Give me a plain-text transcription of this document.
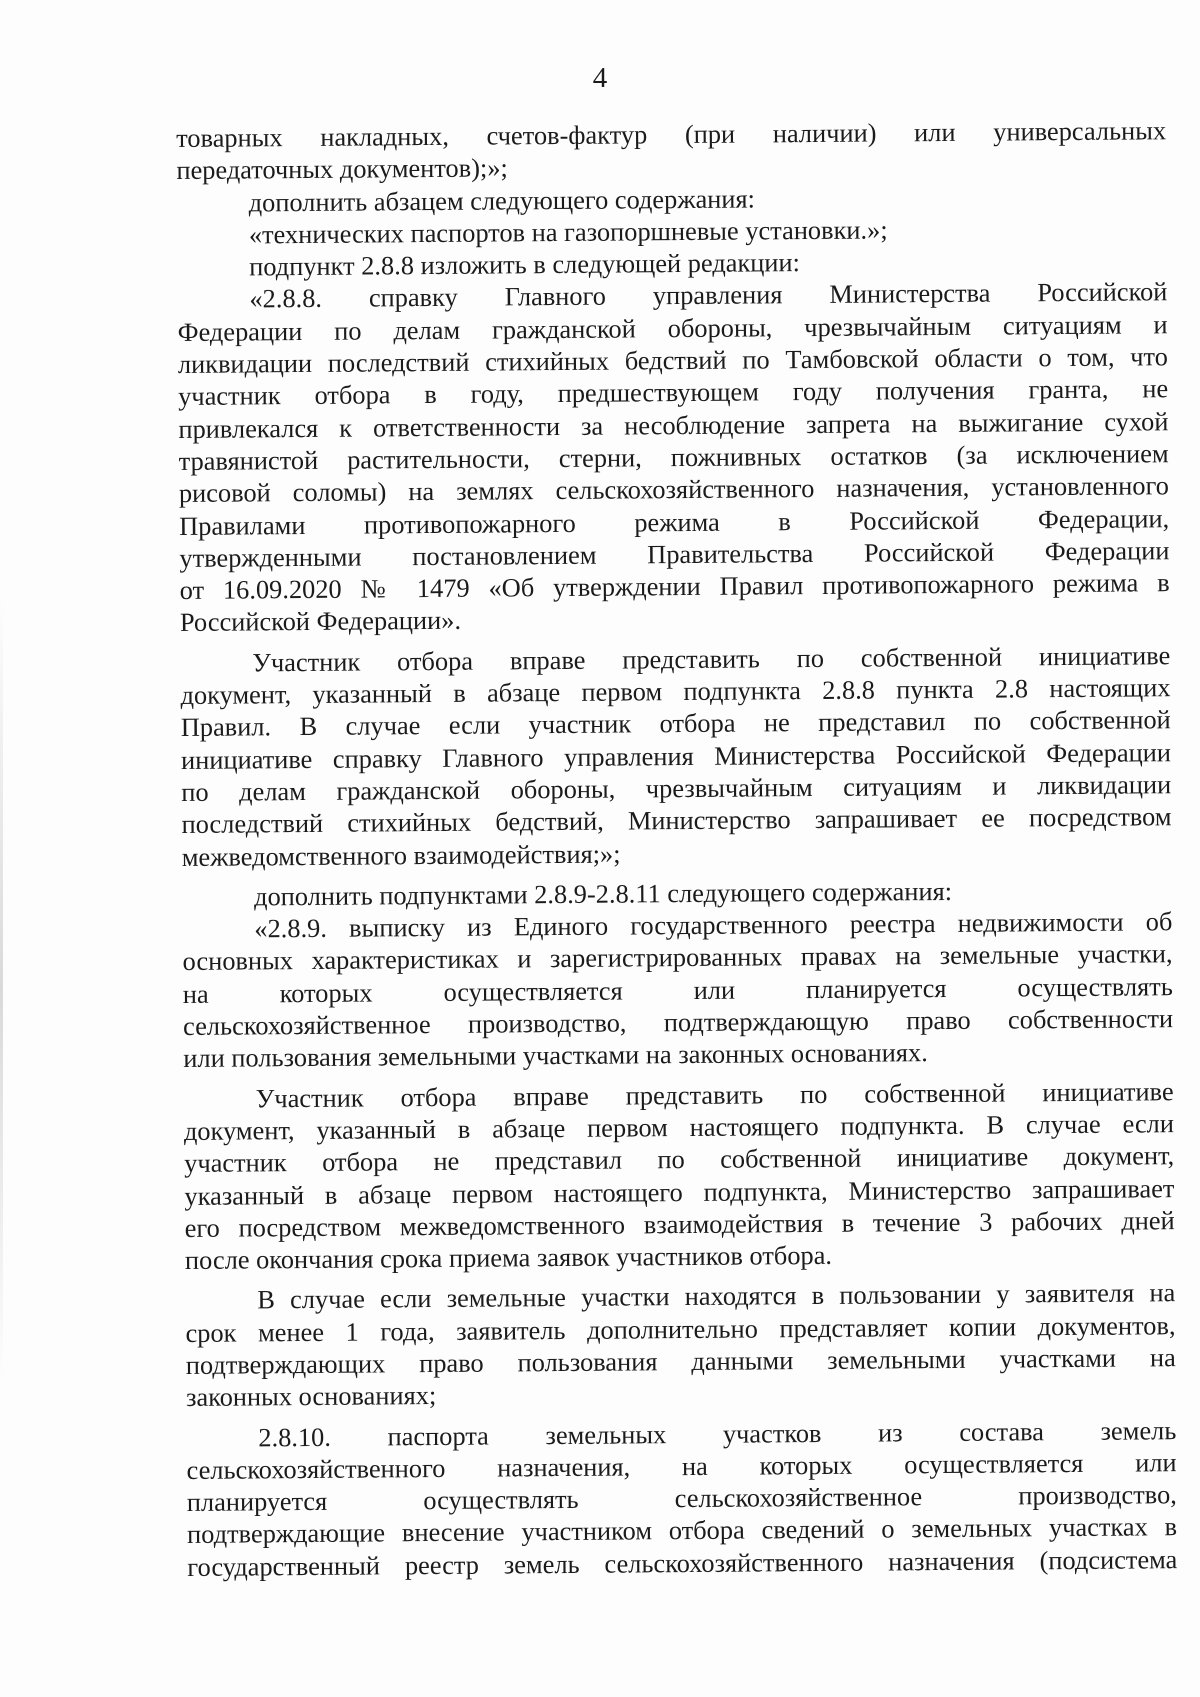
4
товарных накладных, счетов-фактур (при наличии) или универсальных
передаточных документов);»;
дополнить абзацем следующего содержания:
«технических паспортов на газопоршневые установки.»;
подпункт 2.8.8 изложить в следующей редакции:
«2.8.8. справку Главного управления Министерства Российской
Федерации по делам гражданской обороны, чрезвычайным ситуациям и
ликвидации последствий стихийных бедствий по Тамбовской области о том, что
участник отбора в году, предшествующем году получения гранта, не
привлекался к ответственности за несоблюдение запрета на выжигание сухой
травянистой растительности, стерни, пожнивных остатков (за исключением
рисовой соломы) на землях сельскохозяйственного назначения, установленного
Правилами противопожарного режима в Российской Федерации,
утвержденными постановлением Правительства Российской Федерации
от 16.09.2020 № 1479 «Об утверждении Правил противопожарного режима в
Российской Федерации».
Участник отбора вправе представить по собственной инициативе
документ, указанный в абзаце первом подпункта 2.8.8 пункта 2.8 настоящих
Правил. В случае если участник отбора не представил по собственной
инициативе справку Главного управления Министерства Российской Федерации
по делам гражданской обороны, чрезвычайным ситуациям и ликвидации
последствий стихийных бедствий, Министерство запрашивает ее посредством
межведомственного взаимодействия;»;
дополнить подпунктами 2.8.9-2.8.11 следующего содержания:
«2.8.9. выписку из Единого государственного реестра недвижимости об
основных характеристиках и зарегистрированных правах на земельные участки,
на которых осуществляется или планируется осуществлять
сельскохозяйственное производство, подтверждающую право собственности
или пользования земельными участками на законных основаниях.
Участник отбора вправе представить по собственной инициативе
документ, указанный в абзаце первом настоящего подпункта. В случае если
участник отбора не представил по собственной инициативе документ,
указанный в абзаце первом настоящего подпункта, Министерство запрашивает
его посредством межведомственного взаимодействия в течение 3 рабочих дней
после окончания срока приема заявок участников отбора.
В случае если земельные участки находятся в пользовании у заявителя на
срок менее 1 года, заявитель дополнительно представляет копии документов,
подтверждающих право пользования данными земельными участками на
законных основаниях;
2.8.10. паспорта земельных участков из состава земель
сельскохозяйственного назначения, на которых осуществляется или
планируется осуществлять сельскохозяйственное производство,
подтверждающие внесение участником отбора сведений о земельных участках в
государственный реестр земель сельскохозяйственного назначения (подсистема
